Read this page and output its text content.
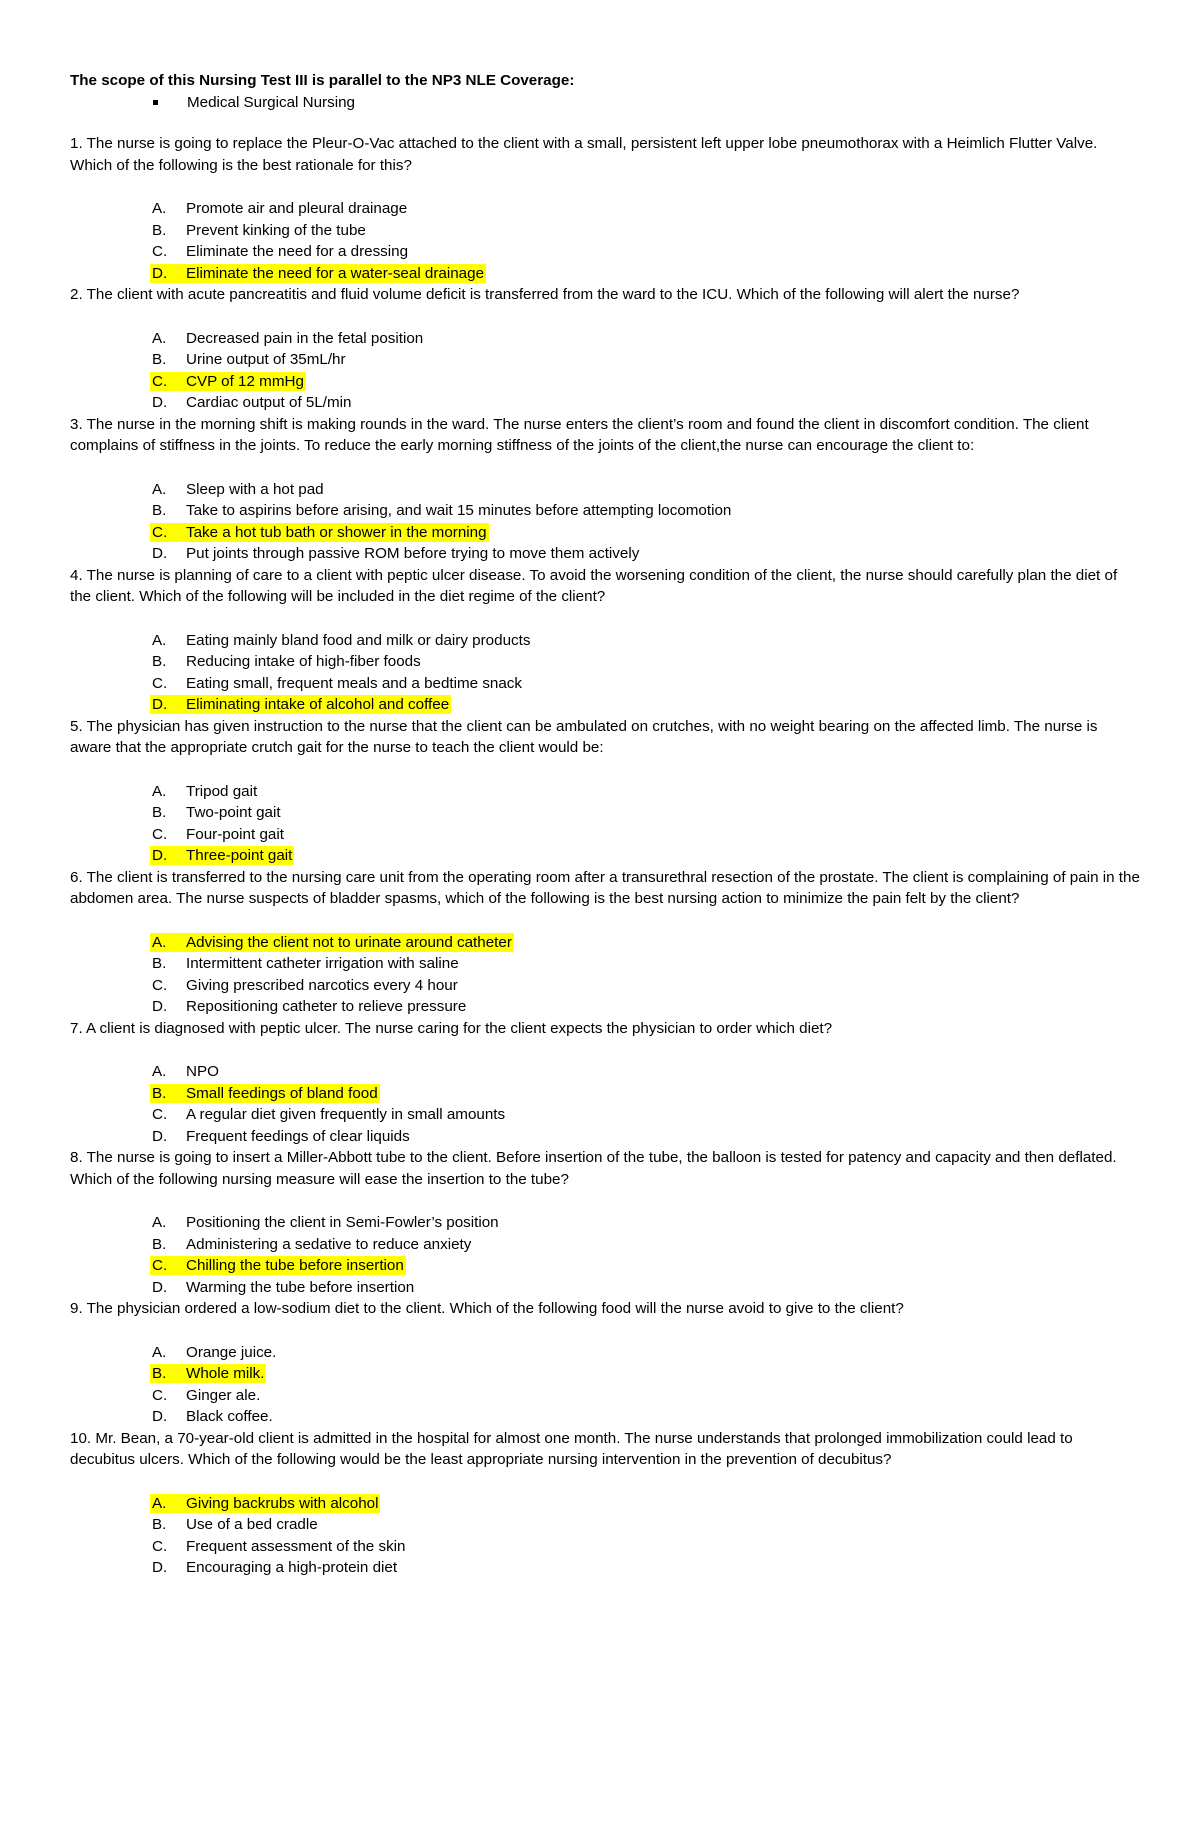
The scope of this Nursing Test III is parallel to the NP3 NLE Coverage:

Medical Surgical Nursing

1. The nurse is going to replace the Pleur-O-Vac attached to the client with a small, persistent left upper lobe pneumothorax with a Heimlich Flutter Valve. Which of the following is the best rationale for this?

A. Promote air and pleural drainage
B. Prevent kinking of the tube
C. Eliminate the need for a dressing
D. Eliminate the need for a water-seal drainage

2. The client with acute pancreatitis and fluid volume deficit is transferred from the ward to the ICU. Which of the following will alert the nurse?

A. Decreased pain in the fetal position
B. Urine output of 35mL/hr
C. CVP of 12 mmHg
D. Cardiac output of 5L/min

3. The nurse in the morning shift is making rounds in the ward. The nurse enters the client’s room and found the client in discomfort condition. The client complains of stiffness in the joints. To reduce the early morning stiffness of the joints of the client,the nurse can encourage the client to:

A. Sleep with a hot pad
B. Take to aspirins before arising, and wait 15 minutes before attempting locomotion
C. Take a hot tub bath or shower in the morning
D. Put joints through passive ROM before trying to move them actively

4. The nurse is planning of care to a client with peptic ulcer disease. To avoid the worsening condition of the client, the nurse should carefully plan the diet of the client. Which of the following will be included in the diet regime of the client?

A. Eating mainly bland food and milk or dairy products
B. Reducing intake of high-fiber foods
C. Eating small, frequent meals and a bedtime snack
D. Eliminating intake of alcohol and coffee

5. The physician has given instruction to the nurse that the client can be ambulated on crutches, with no weight bearing on the affected limb. The nurse is aware that the appropriate crutch gait for the nurse to teach the client would be:

A. Tripod gait
B. Two-point gait
C. Four-point gait
D. Three-point gait

6. The client is transferred to the nursing care unit from the operating room after a transurethral resection of the prostate. The client is complaining of pain in the abdomen area. The nurse suspects of bladder spasms, which of the following is the best nursing action to minimize the pain felt by the client?

A. Advising the client not to urinate around catheter
B. Intermittent catheter irrigation with saline
C. Giving prescribed narcotics every 4 hour
D. Repositioning catheter to relieve pressure

7. A client is diagnosed with peptic ulcer. The nurse caring for the client expects the physician to order which diet?

A. NPO
B. Small feedings of bland food
C. A regular diet given frequently in small amounts
D. Frequent feedings of clear liquids

8. The nurse is going to insert a Miller-Abbott tube to the client. Before insertion of the tube, the balloon is tested for patency and capacity and then deflated. Which of the following nursing measure will ease the insertion to the tube?

A. Positioning the client in Semi-Fowler’s position
B. Administering a sedative to reduce anxiety
C. Chilling the tube before insertion
D. Warming the tube before insertion

9. The physician ordered a low-sodium diet to the client. Which of the following food will the nurse avoid to give to the client?

A. Orange juice.
B. Whole milk.
C. Ginger ale.
D. Black coffee.

10. Mr. Bean, a 70-year-old client is admitted in the hospital for almost one month. The nurse understands that prolonged immobilization could lead to decubitus ulcers. Which of the following would be the least appropriate nursing intervention in the prevention of decubitus?

A. Giving backrubs with alcohol
B. Use of a bed cradle
C. Frequent assessment of the skin
D. Encouraging a high-protein diet
